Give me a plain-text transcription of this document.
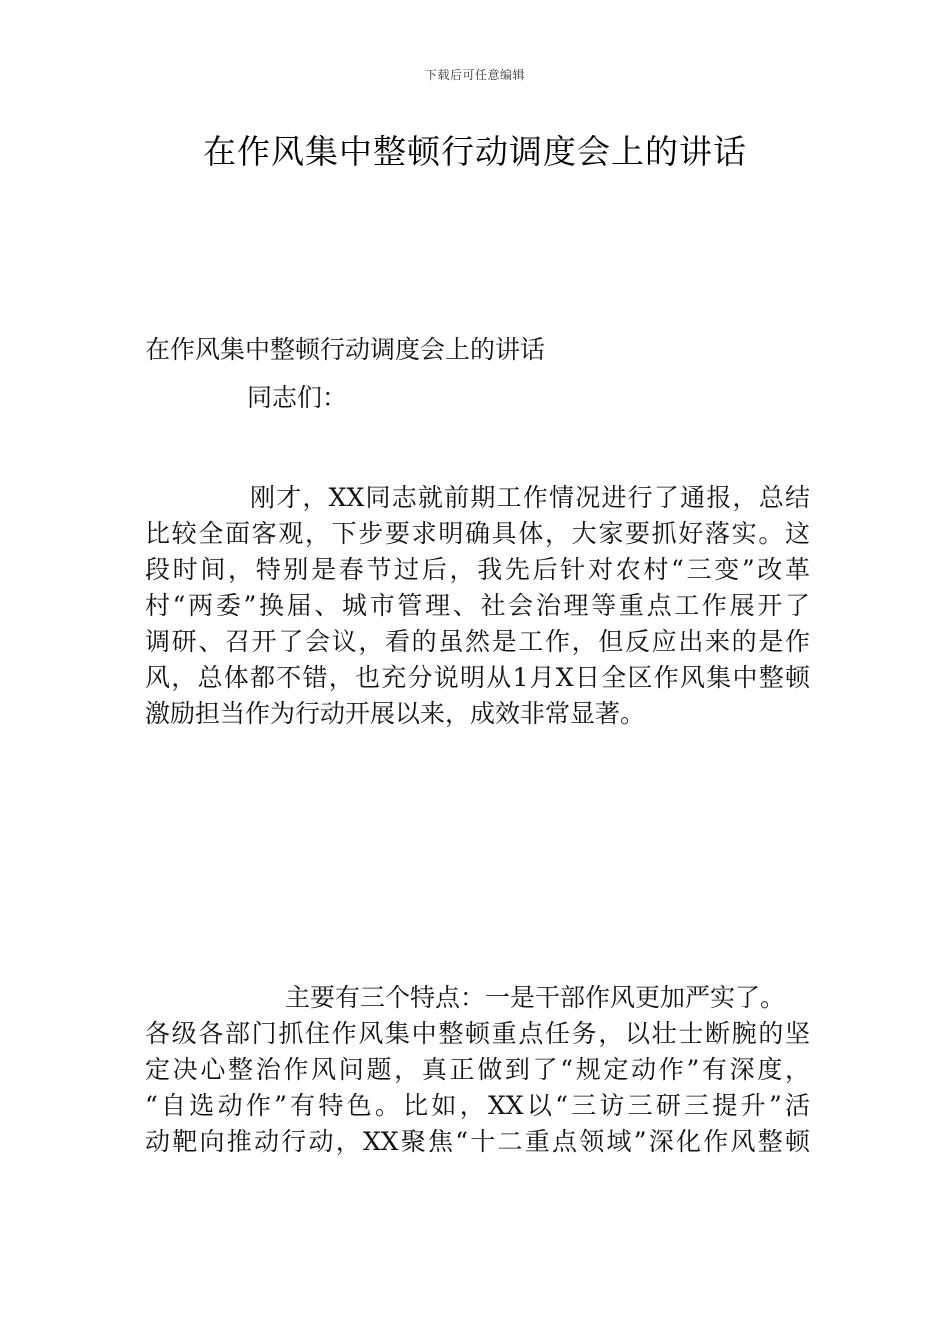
下载后可任意编辑
在作风集中整顿行动调度会上的讲话
在作风集中整顿行动调度会上的讲话
同志们：
刚才，XX同志就前期工作情况进行了通报，总结
比较全面客观，下步要求明确具体，大家要抓好落实。这
段时间，特别是春节过后，我先后针对农村“三变”改革
村“两委”换届、城市管理、社会治理等重点工作展开了
调研、召开了会议，看的虽然是工作，但反应出来的是作
风，总体都不错，也充分说明从1月X日全区作风集中整顿
激励担当作为行动开展以来，成效非常显著。
主要有三个特点：一是干部作风更加严实了。
各级各部门抓住作风集中整顿重点任务，以壮士断腕的坚
定决心整治作风问题，真正做到了“规定动作”有深度，
“自选动作”有特色。比如，XX以“三访三研三提升”活
动靶向推动行动，XX聚焦“十二重点领域”深化作风整顿
